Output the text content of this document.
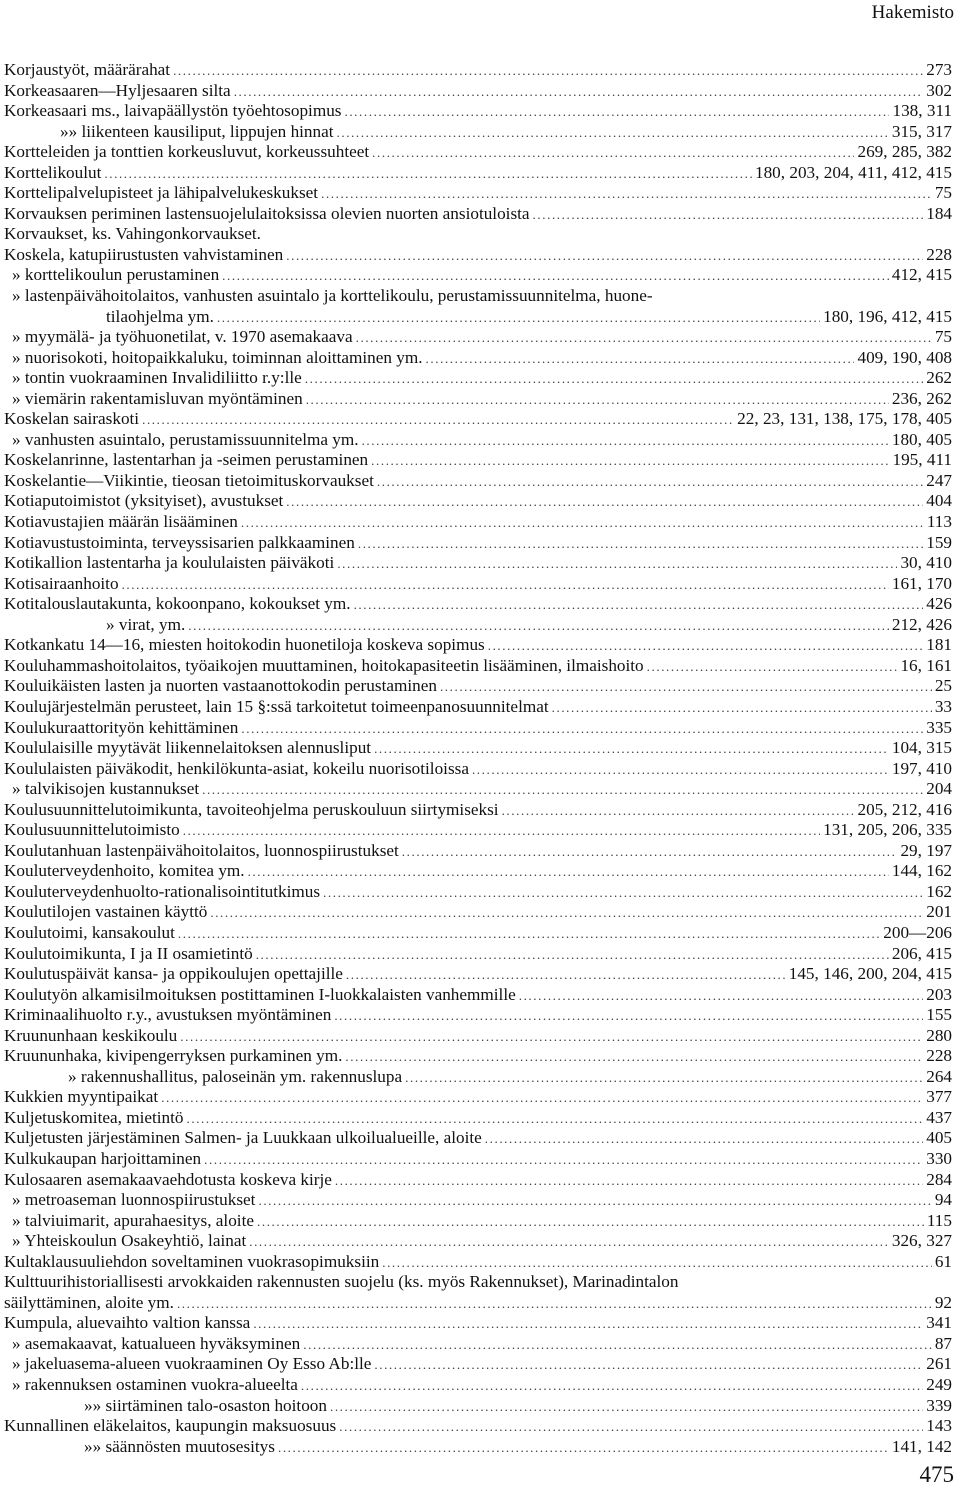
Hakemisto
Korjaustyöt, määrärahat .....	273
Korkeasaaren—Hyljesaaren silta .....	302
Korkeasaari ms., laivapäällystön työehtosopimus .....	138, 311
»» liikenteen kausiliput, lippujen hinnat .....	315, 317
Kortteleiden ja tonttien korkeusluvut, korkeussuhteet .....	269, 285, 382
Korttelikoulut .....	180, 203, 204, 411, 412, 415
Korttelipalvelupisteet ja lähipalvelukeskukset .....	75
Korvauksen periminen lastensuojelulaitoksissa olevien nuorten ansiotuloista .....	184
Korvaukset, ks. Vahingonkorvaukset.
Koskela, katupiirustusten vahvistaminen .....	228
» korttelikoulun perustaminen .....	412, 415
» lastenpäivähoitolaitos, vanhusten asuintalo ja korttelikoulu, perustamissuunnitelma, huone-
tilaohjelma ym. .....	180, 196, 412, 415
» myymälä- ja työhuonetilat, v. 1970 asemakaava .....	75
» nuorisokoti, hoitopaikkaluku, toiminnan aloittaminen ym. .....	409, 190, 408
» tontin vuokraaminen Invalidiliitto r.y:lle .....	262
» viemärin rakentamisluvan myöntäminen .....	236, 262
Koskelan sairaskoti .....	22, 23, 131, 138, 175, 178, 405
» vanhusten asuintalo, perustamissuunnitelma ym. .....	180, 405
Koskelanrinne, lastentarhan ja -seimen perustaminen .....	195, 411
Koskelantie—Viikintie, tieosan tietoimituskorvaukset .....	247
Kotiaputoimistot (yksityiset), avustukset .....	404
Kotiavustajien määrän lisääminen .....	113
Kotiavustustoiminta, terveyssisarien palkkaaminen .....	159
Kotikallion lastentarha ja koululaisten päiväkoti .....	30, 410
Kotisairaanhoito .....	161, 170
Kotitalouslautakunta, kokoonpano, kokoukset ym. .....	426
» virat, ym. .....	212, 426
Kotkankatu 14—16, miesten hoitokodin huonetiloja koskeva sopimus .....	181
Kouluhammashoitolaitos, työaikojen muuttaminen, hoitokapasiteetin lisääminen, ilmaishoito .....	16, 161
Kouluikäisten lasten ja nuorten vastaanottokodin perustaminen .....	25
Koulujärjestelmän perusteet, lain 15 §:ssä tarkoitetut toimeenpanosuunnitelmat .....	33
Koulukuraattorityön kehittäminen .....	335
Koululaisille myytävät liikennelaitoksen alennusliput .....	104, 315
Koululaisten päiväkodit, henkilökunta-asiat, kokeilu nuorisotiloissa .....	197, 410
» talvikisojen kustannukset .....	204
Koulusuunnittelutoimikunta, tavoiteohjelma peruskouluun siirtymiseksi .....	205, 212, 416
Koulusuunnittelutoimisto .....	131, 205, 206, 335
Koulutanhuan lastenpäivähoitolaitos, luonnospiirustukset .....	29, 197
Kouluterveydenhoito, komitea ym. .....	144, 162
Kouluterveydenhuolto-rationalisointitutkimus .....	162
Koulutilojen vastainen käyttö .....	201
Koulutoimi, kansakoulut .....	200—206
Koulutoimikunta, I ja II osamietintö .....	206, 415
Koulutuspäivät kansa- ja oppikoulujen opettajille .....	145, 146, 200, 204, 415
Koulutyön alkamisilmoituksen postittaminen I-luokkalaisten vanhemmille .....	203
Kriminaalihuolto r.y., avustuksen myöntäminen .....	155
Kruununhaan keskikoulu .....	280
Kruununhaka, kivipengerryksen purkaminen ym. .....	228
» rakennushallitus, paloseinän ym. rakennuslupa .....	264
Kukkien myyntipaikat .....	377
Kuljetuskomitea, mietintö .....	437
Kuljetusten järjestäminen Salmen- ja Luukkaan ulkoilualueille, aloite .....	405
Kulkukaupan harjoittaminen .....	330
Kulosaaren asemakaavaehdotusta koskeva kirje .....	284
» metroaseman luonnospiirustukset .....	94
» talviuimarit, apurahaesitys, aloite .....	115
» Yhteiskoulun Osakeyhtiö, lainat .....	326, 327
Kultaklausuuliehdon soveltaminen vuokrasopimuksiin .....	61
Kulttuurihistoriallisesti arvokkaiden rakennusten suojelu (ks. myös Rakennukset), Marinadintalon
säilyttäminen, aloite ym. .....	92
Kumpula, aluevaihto valtion kanssa .....	341
» asemakaavat, katualueen hyväksyminen .....	87
» jakeluasema-alueen vuokraaminen Oy Esso Ab:lle .....	261
» rakennuksen ostaminen vuokra-alueelta .....	249
»» siirtäminen talo-osaston hoitoon .....	339
Kunnallinen eläkelaitos, kaupungin maksuosuus .....	143
»» säännösten muutosesitys .....	141, 142
475
